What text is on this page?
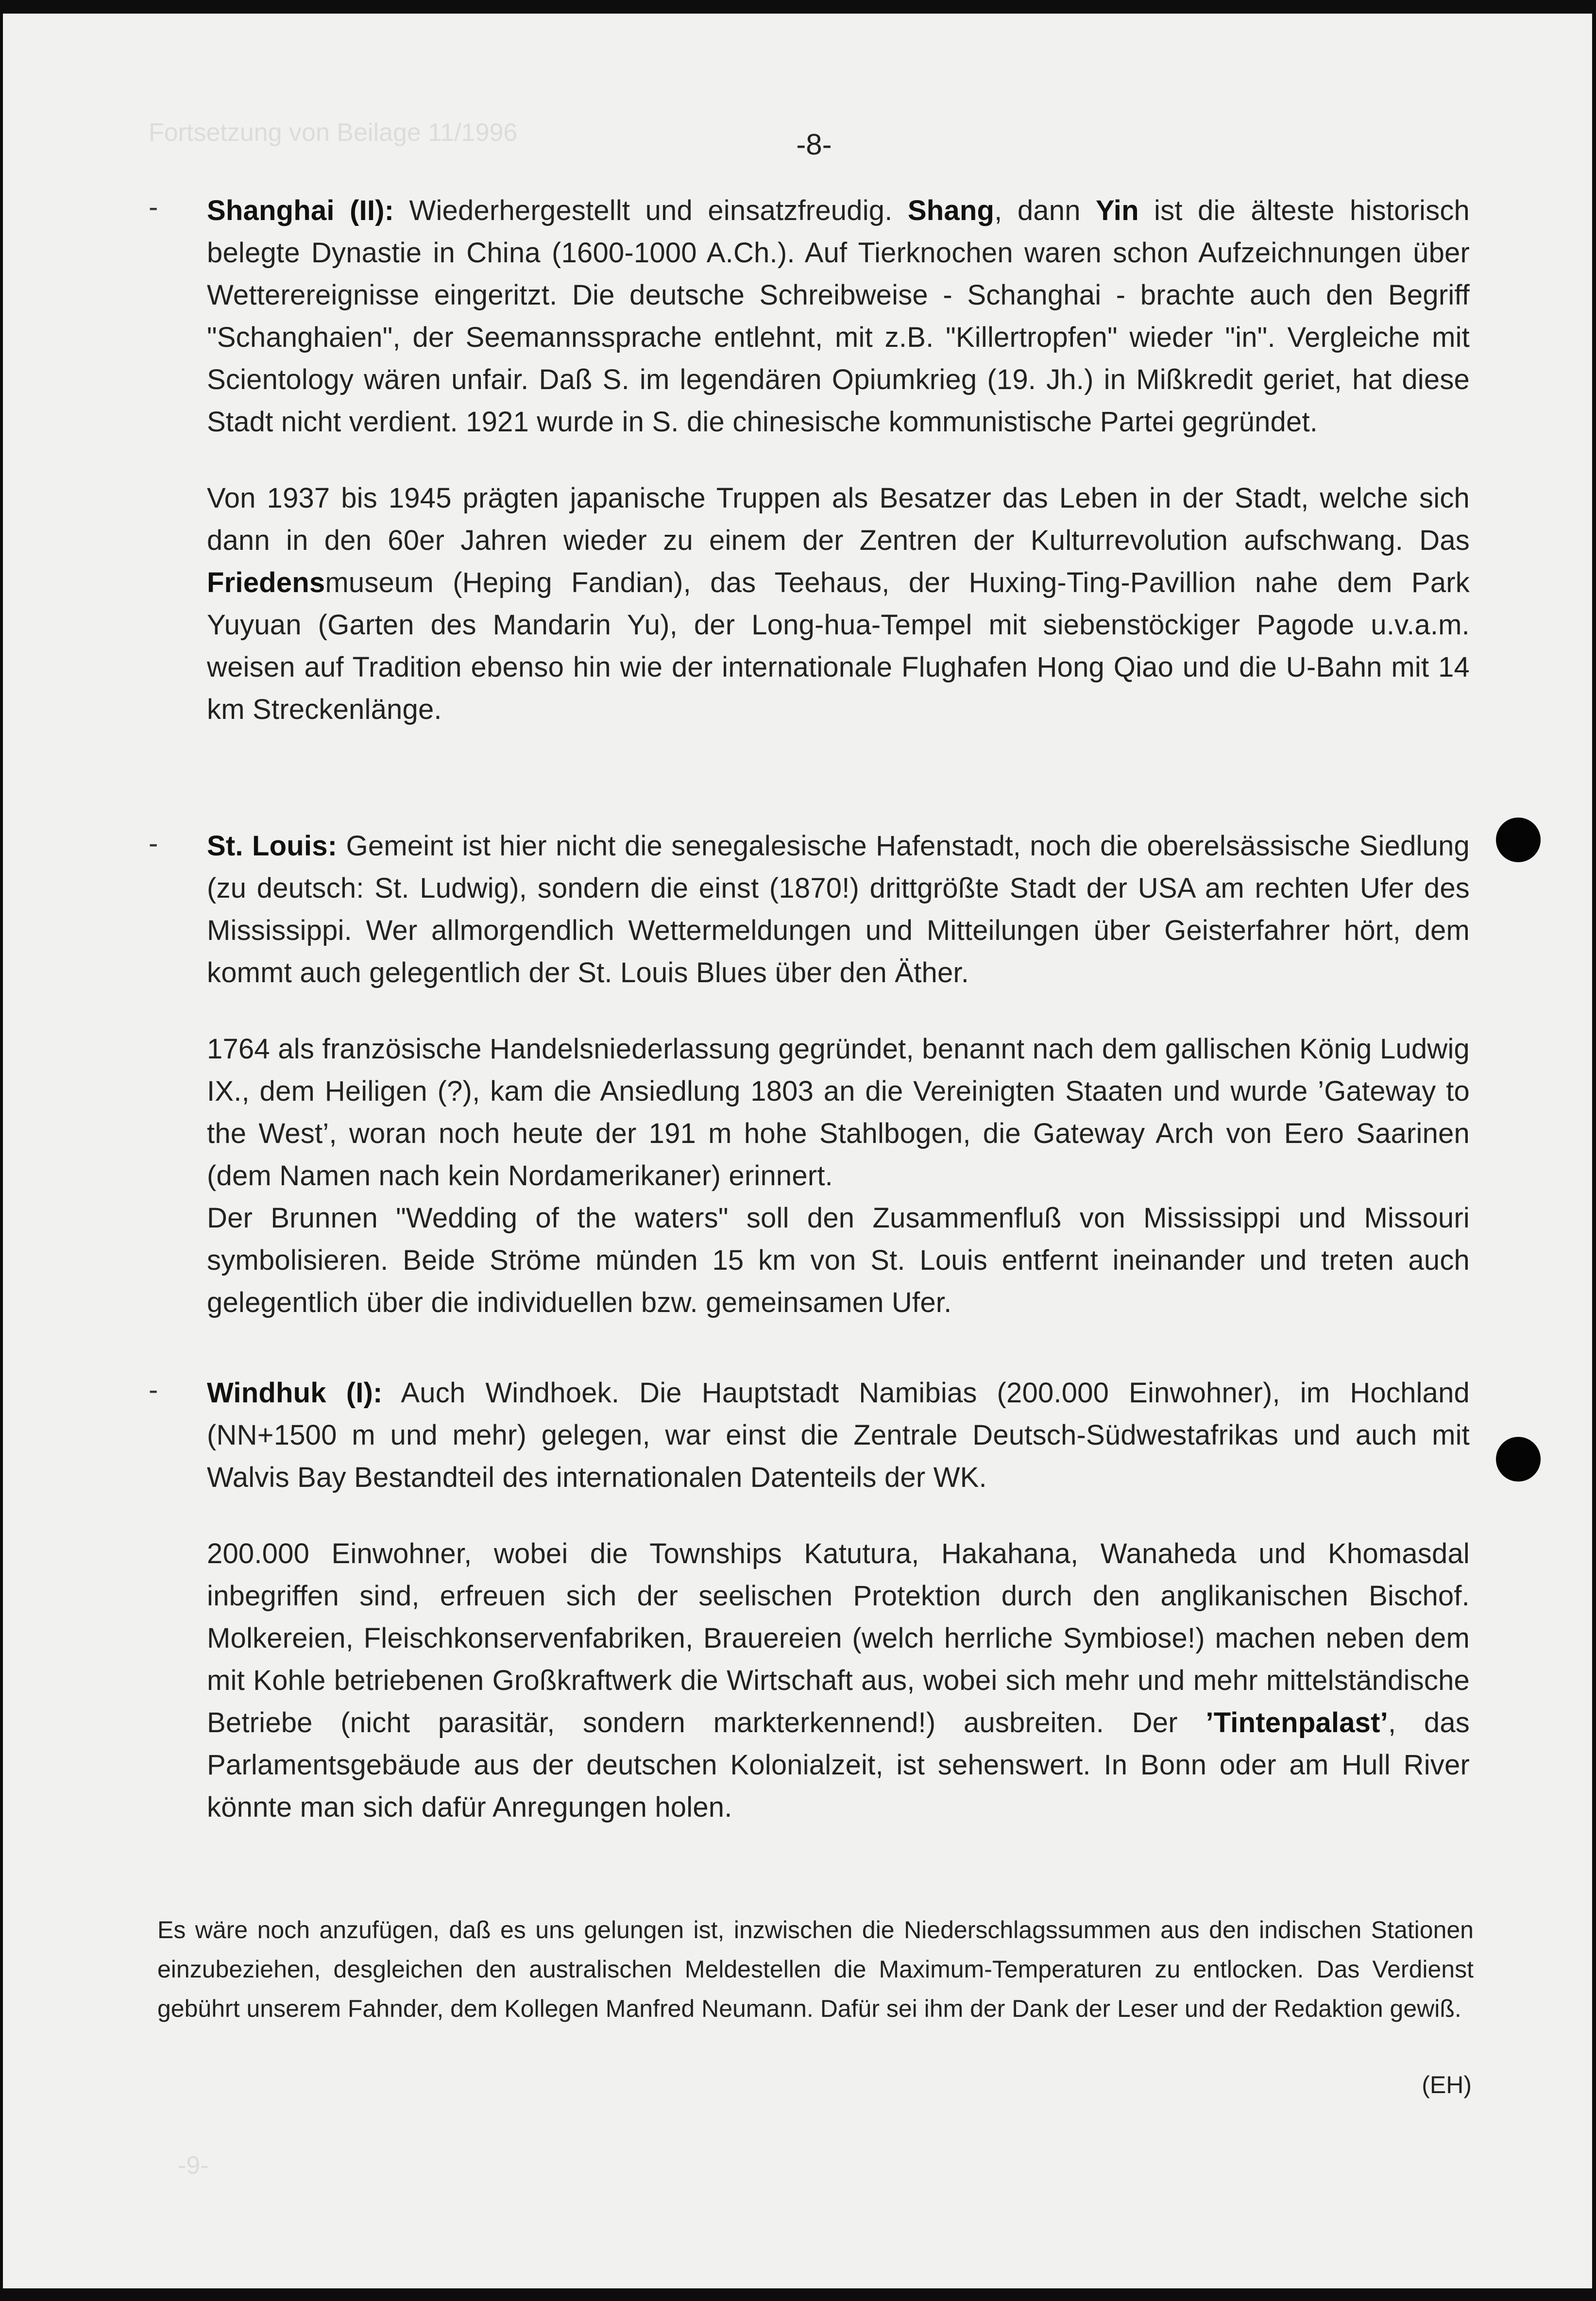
Fortsetzung von Beilage 11/1996
-9-
-8-
- Shanghai (II): Wiederhergestellt und einsatzfreudig. Shang, dann Yin ist die älteste historisch belegte Dynastie in China (1600-1000 A.Ch.). Auf Tierknochen waren schon Aufzeichnungen über Wetterereignisse eingeritzt. Die deutsche Schreibweise - Schanghai - brachte auch den Begriff "Schanghaien", der Seemannssprache entlehnt, mit z.B. "Killertropfen" wieder "in". Vergleiche mit Scientology wären unfair. Daß S. im legendären Opiumkrieg (19. Jh.) in Mißkredit geriet, hat diese Stadt nicht verdient. 1921 wurde in S. die chinesische kommunistische Partei gegründet.

Von 1937 bis 1945 prägten japanische Truppen als Besatzer das Leben in der Stadt, welche sich dann in den 60er Jahren wieder zu einem der Zentren der Kulturrevolution aufschwang. Das Friedensmuseum (Heping Fandian), das Teehaus, der Huxing-Ting-Pavillion nahe dem Park Yuyuan (Garten des Mandarin Yu), der Long-hua-Tempel mit siebenstöckiger Pagode u.v.a.m. weisen auf Tradition ebenso hin wie der internationale Flughafen Hong Qiao und die U-Bahn mit 14 km Streckenlänge.

- St. Louis: Gemeint ist hier nicht die senegalesische Hafenstadt, noch die oberelsässische Siedlung (zu deutsch: St. Ludwig), sondern die einst (1870!) drittgrößte Stadt der USA am rechten Ufer des Mississippi. Wer allmorgendlich Wettermeldungen und Mitteilungen über Geisterfahrer hört, dem kommt auch gelegentlich der St. Louis Blues über den Äther.

1764 als französische Handelsniederlassung gegründet, benannt nach dem gallischen König Ludwig IX., dem Heiligen (?), kam die Ansiedlung 1803 an die Vereinigten Staaten und wurde ’Gateway to the West’, woran noch heute der 191 m hohe Stahlbogen, die Gateway Arch von Eero Saarinen (dem Namen nach kein Nordamerikaner) erinnert.

Der Brunnen "Wedding of the waters" soll den Zusammenfluß von Mississippi und Missouri symbolisieren. Beide Ströme münden 15 km von St. Louis entfernt ineinander und treten auch gelegentlich über die individuellen bzw. gemeinsamen Ufer.

- Windhuk (I): Auch Windhoek. Die Hauptstadt Namibias (200.000 Einwohner), im Hochland (NN+1500 m und mehr) gelegen, war einst die Zentrale Deutsch-Südwestafrikas und auch mit Walvis Bay Bestandteil des internationalen Datenteils der WK.

200.000 Einwohner, wobei die Townships Katutura, Hakahana, Wanaheda und Khomasdal inbegriffen sind, erfreuen sich der seelischen Protektion durch den anglikanischen Bischof. Molkereien, Fleischkonservenfabriken, Brauereien (welch herrliche Symbiose!) machen neben dem mit Kohle betriebenen Großkraftwerk die Wirtschaft aus, wobei sich mehr und mehr mittelständische Betriebe (nicht parasitär, sondern markterkennend!) ausbreiten. Der ’Tintenpalast’, das Parlamentsgebäude aus der deutschen Kolonialzeit, ist sehenswert. In Bonn oder am Hull River könnte man sich dafür Anregungen holen.

Es wäre noch anzufügen, daß es uns gelungen ist, inzwischen die Niederschlagssummen aus den indischen Stationen einzubeziehen, desgleichen den australischen Meldestellen die Maximum-Temperaturen zu entlocken. Das Verdienst gebührt unserem Fahnder, dem Kollegen Manfred Neumann. Dafür sei ihm der Dank der Leser und der Redaktion gewiß.
(EH)
